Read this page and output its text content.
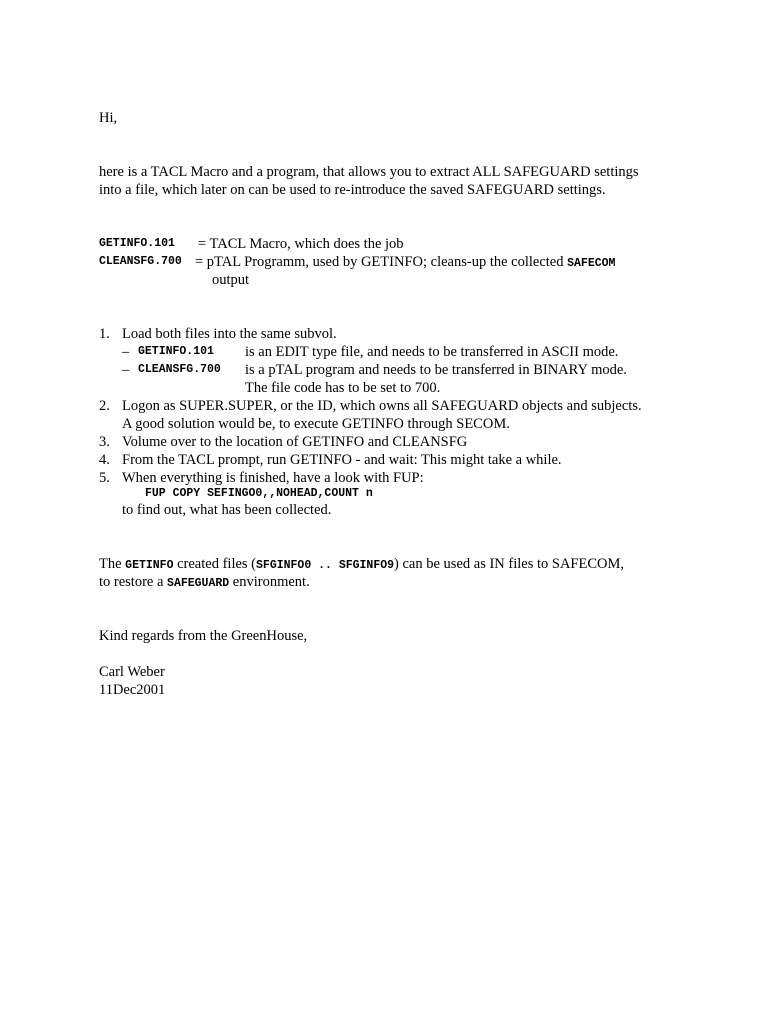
Hi,
here is a TACL Macro and a program, that allows you to extract ALL SAFEGUARD settings
into a file, which later on can be used to re-introduce the saved SAFEGUARD settings.
GETINFO.101 = TACL Macro, which does the job
CLEANSFG.700 = pTAL Programm, used by GETINFO; cleans-up the collected SAFECOM
output
1. Load both files into the same subvol.
– GETINFO.101 is an EDIT type file, and needs to be transferred in ASCII mode.
– CLEANSFG.700 is a pTAL program and needs to be transferred in BINARY mode.
The file code has to be set to 700.
2. Logon as SUPER.SUPER, or the ID, which owns all SAFEGUARD objects and subjects.
A good solution would be, to execute GETINFO through SECOM.
3. Volume over to the location of GETINFO and CLEANSFG
4. From the TACL prompt, run GETINFO - and wait: This might take a while.
5. When everything is finished, have a look with FUP:
FUP COPY SEFINGO0,,NOHEAD,COUNT n
to find out, what has been collected.
The GETINFO created files (SFGINFO0 .. SFGINFO9) can be used as IN files to SAFECOM,
to restore a SAFEGUARD environment.
Kind regards from the GreenHouse,
Carl Weber
11Dec2001
